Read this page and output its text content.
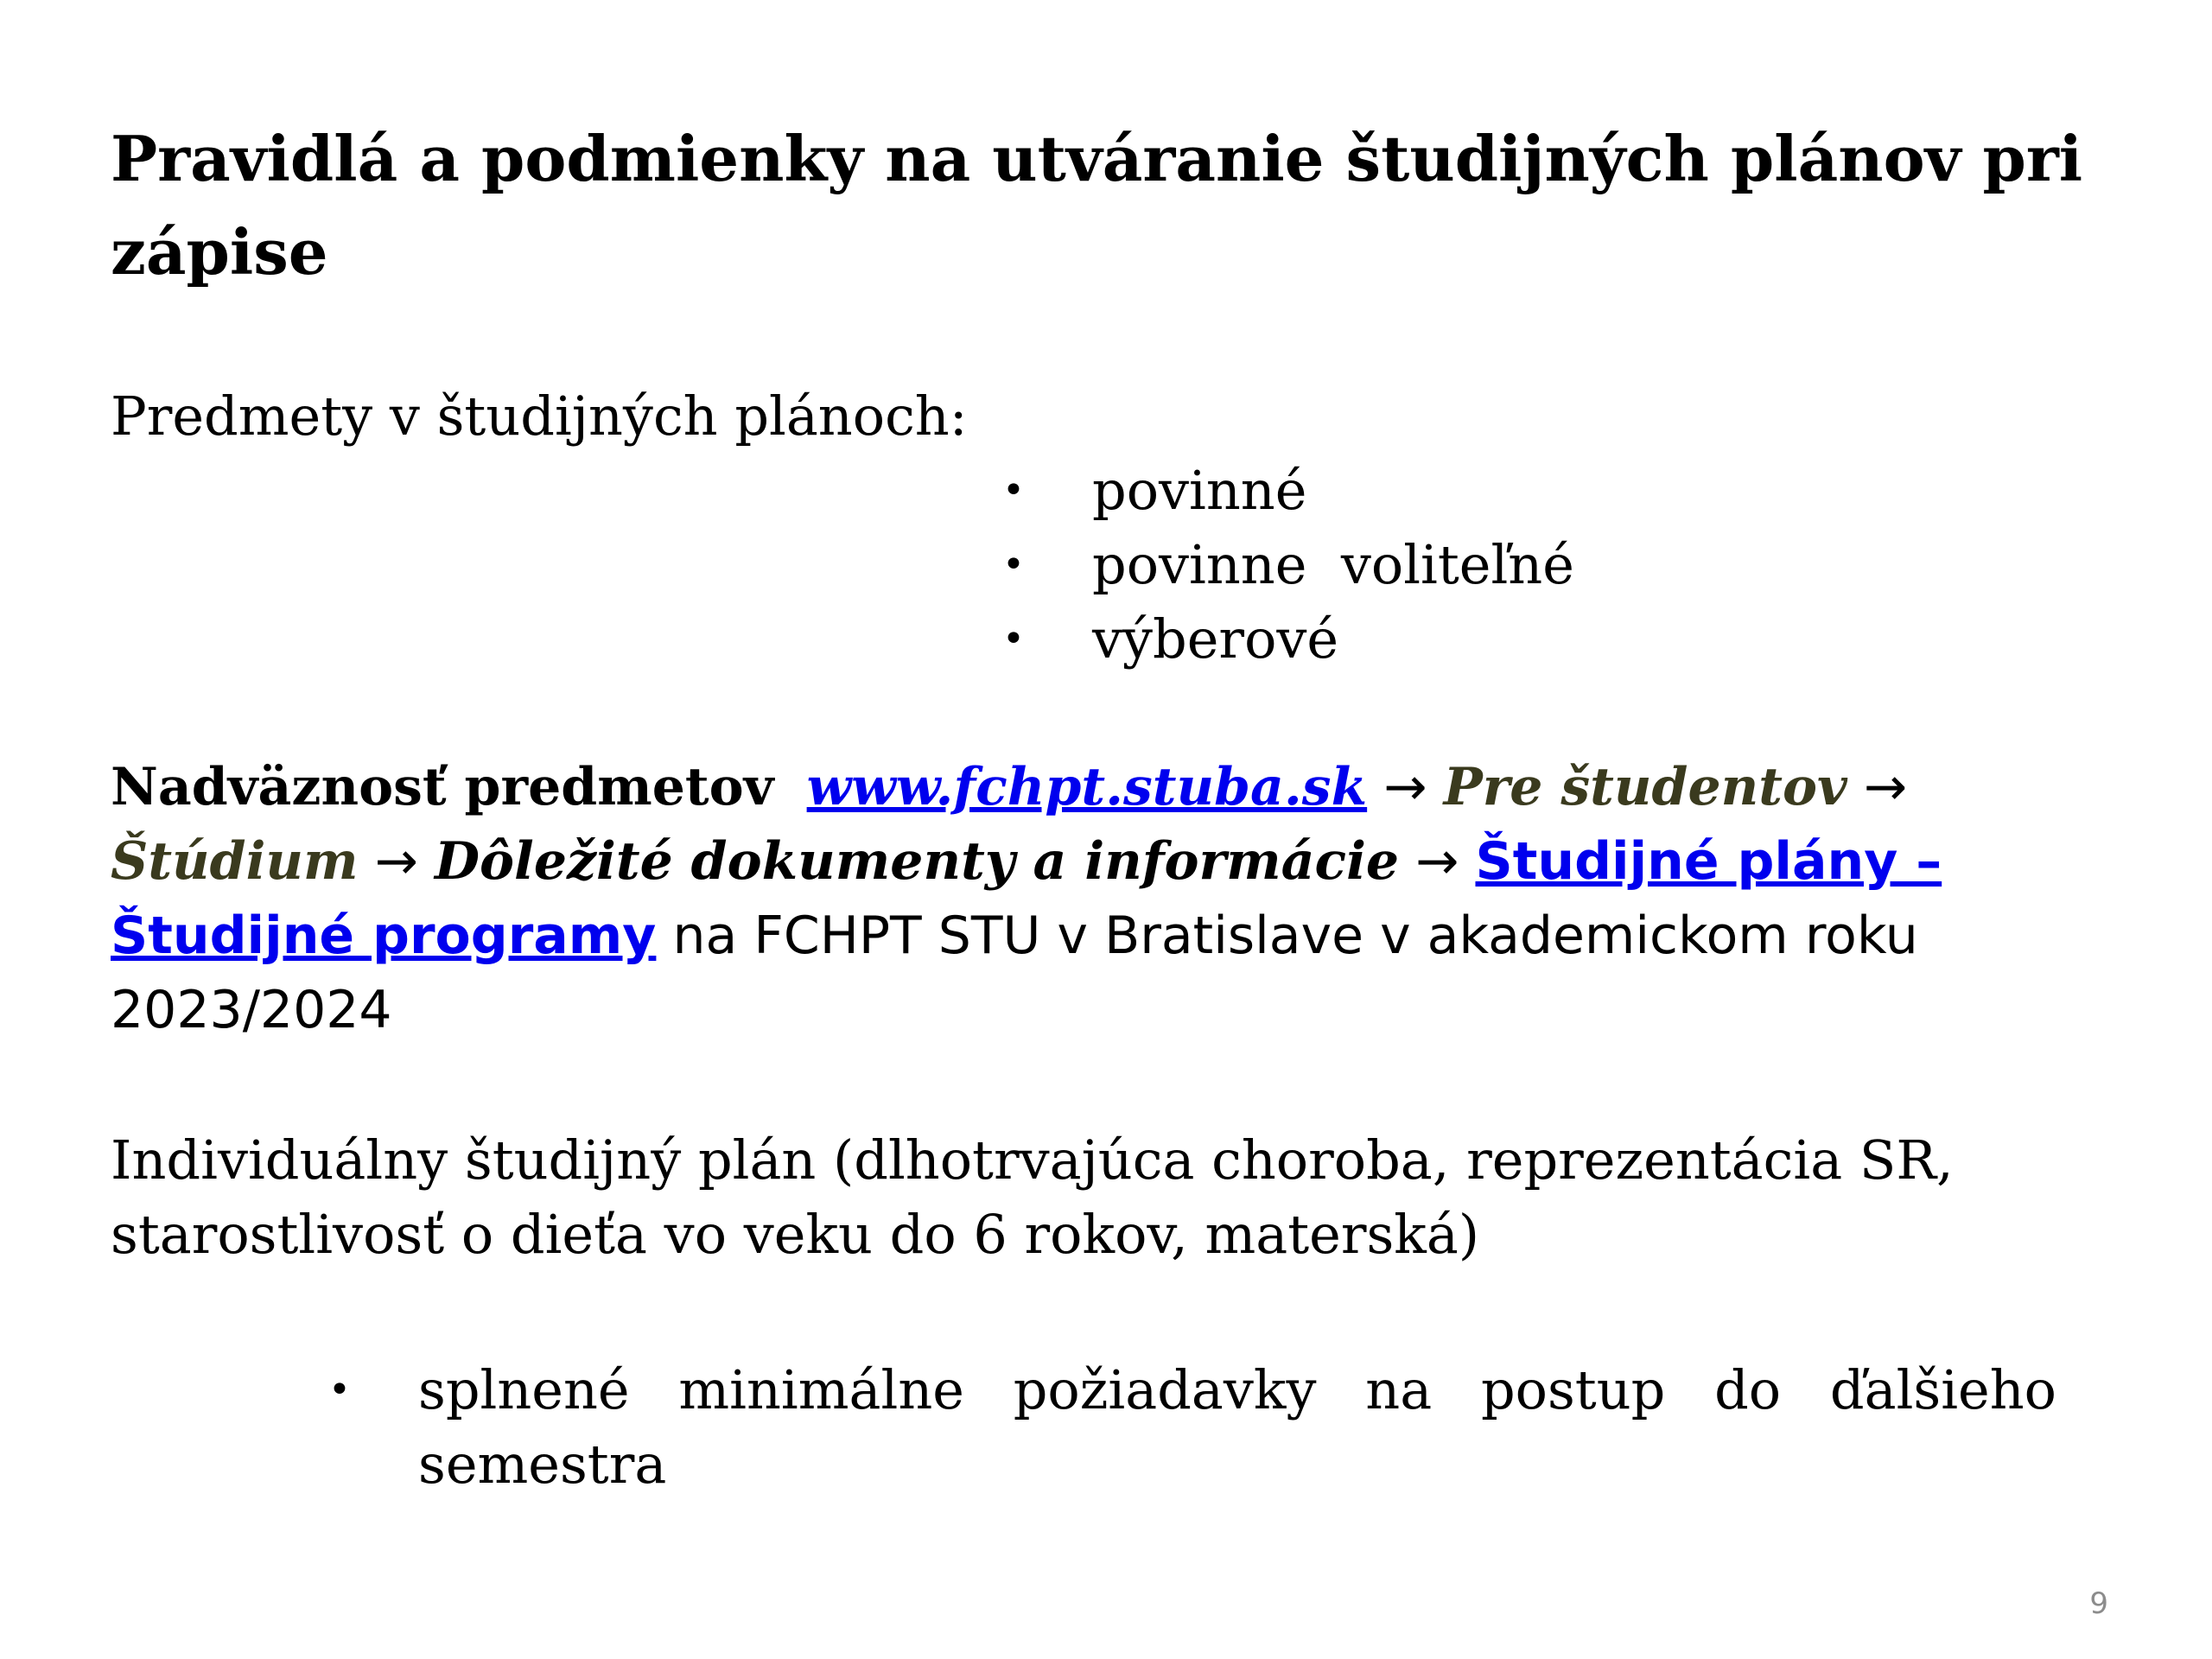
Pravidlá a podmienky na utváranie študijných plánov pri zápise

Predmety v študijných plánoch:

•	povinné
•	povinne  voliteľné
•	výberové

Nadväznosť predmetov www.fchpt.stuba.sk → Pre študentov → Štúdium → Dôležité dokumenty a informácie → Študijné plány – Študijné programy na FCHPT STU v Bratislave v akademickom roku 2023/2024

Individuálny študijný plán (dlhotrvajúca choroba, reprezentácia SR, starostlivosť o dieťa vo veku do 6 rokov, materská)

•	splnené minimálne požiadavky na postup do ďalšieho semestra
9
